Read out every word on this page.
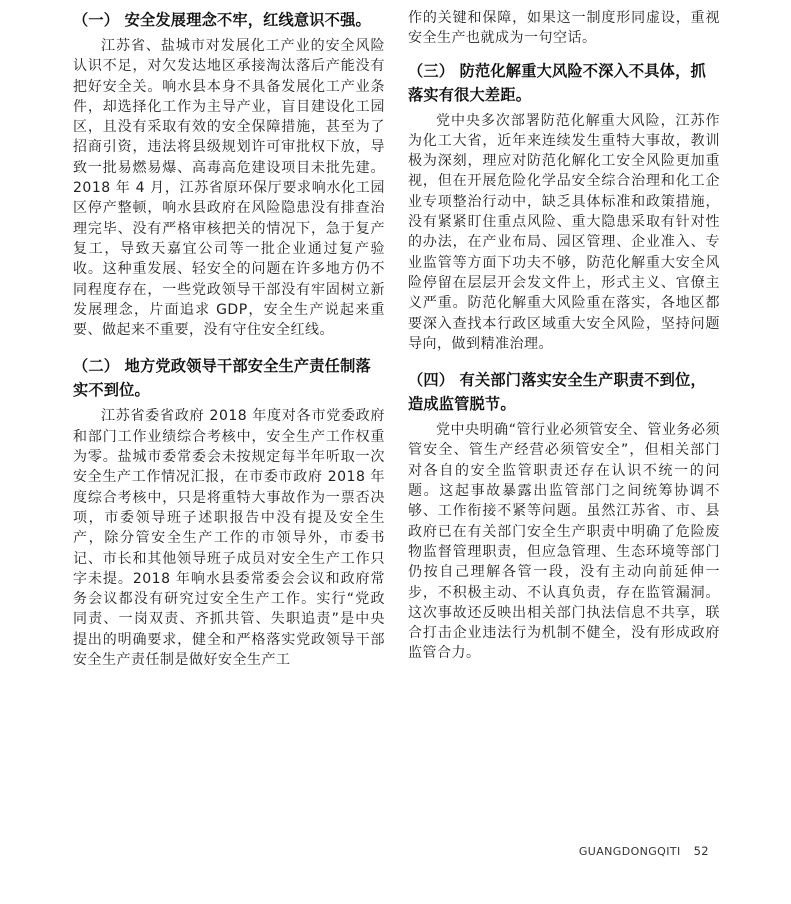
（一） 安全发展理念不牢，红线意识不强。

江苏省、盐城市对发展化工产业的安全风险认识不足，对欠发达地区承接淘汰落后产能没有把好安全关。响水县本身不具备发展化工产业条件，却选择化工作为主导产业，盲目建设化工园区，且没有采取有效的安全保障措施，甚至为了招商引资，违法将县级规划许可审批权下放，导致一批易燃易爆、高毒高危建设项目未批先建。2018 年 4 月，江苏省原环保厅要求响水化工园区停产整顿，响水县政府在风险隐患没有排查治理完毕、没有严格审核把关的情况下，急于复产复工，导致天嘉宜公司等一批企业通过复产验收。这种重发展、轻安全的问题在许多地方仍不同程度存在，一些党政领导干部没有牢固树立新发展理念，片面追求 GDP，安全生产说起来重要、做起来不重要，没有守住安全红线。

（二） 地方党政领导干部安全生产责任制落实不到位。

江苏省委省政府 2018 年度对各市党委政府和部门工作业绩综合考核中，安全生产工作权重为零。盐城市委常委会未按规定每半年听取一次安全生产工作情况汇报，在市委市政府 2018 年度综合考核中，只是将重特大事故作为一票否决项，市委领导班子述职报告中没有提及安全生产，除分管安全生产工作的市领导外，市委书记、市长和其他领导班子成员对安全生产工作只字未提。2018 年响水县委常委会会议和政府常务会议都没有研究过安全生产工作。实行“党政同责、一岗双责、齐抓共管、失职追责”是中央提出的明确要求，健全和严格落实党政领导干部安全生产责任制是做好安全生产工

作的关键和保障，如果这一制度形同虚设，重视安全生产也就成为一句空话。

（三） 防范化解重大风险不深入不具体，抓落实有很大差距。

党中央多次部署防范化解重大风险，江苏作为化工大省，近年来连续发生重特大事故，教训极为深刻，理应对防范化解化工安全风险更加重视，但在开展危险化学品安全综合治理和化工企业专项整治行动中，缺乏具体标准和政策措施，没有紧紧盯住重点风险、重大隐患采取有针对性的办法，在产业布局、园区管理、企业准入、专业监管等方面下功夫不够，防范化解重大安全风险停留在层层开会发文件上，形式主义、官僚主义严重。防范化解重大风险重在落实，各地区都要深入查找本行政区域重大安全风险，坚持问题导向，做到精准治理。

（四） 有关部门落实安全生产职责不到位，造成监管脱节。

党中央明确“管行业必须管安全、管业务必须管安全、管生产经营必须管安全”，但相关部门对各自的安全监管职责还存在认识不统一的问题。这起事故暴露出监管部门之间统筹协调不够、工作衔接不紧等问题。虽然江苏省、市、县政府已在有关部门安全生产职责中明确了危险废物监督管理职责，但应急管理、生态环境等部门仍按自己理解各管一段，没有主动向前延伸一步，不积极主动、不认真负责，存在监管漏洞。这次事故还反映出相关部门执法信息不共享，联合打击企业违法行为机制不健全，没有形成政府监管合力。

GUANGDONGQITI 52
